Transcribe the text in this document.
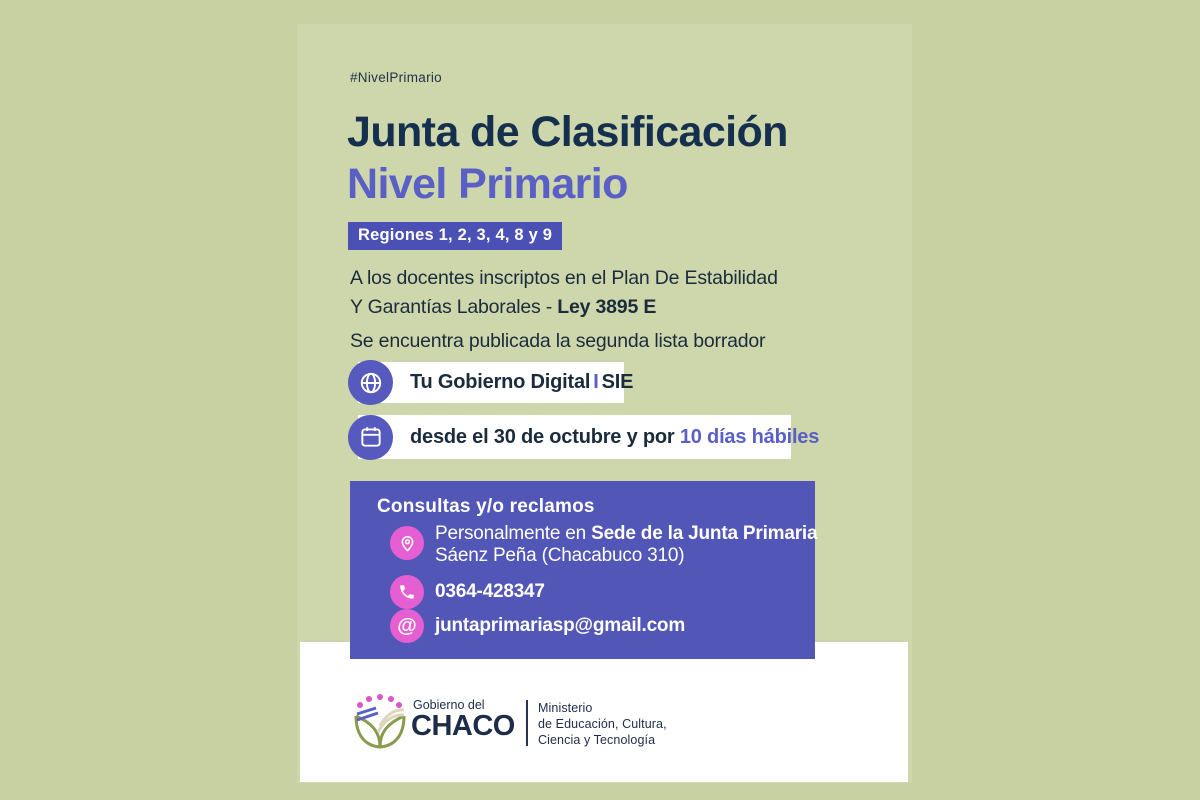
#NivelPrimario
Junta de Clasificación
Nivel Primario
Regiones 1, 2, 3, 4, 8 y 9
A los docentes inscriptos en el Plan De Estabilidad
Y Garantías Laborales - Ley 3895 E
Se encuentra publicada la segunda lista borrador
Tu Gobierno Digital I SIE
desde el 30 de octubre y por 10 días hábiles
Consultas y/o reclamos
Personalmente en Sede de la Junta Primaria
Sáenz Peña (Chacabuco 310)
0364-428347
@ juntaprimariasp@gmail.com
Gobierno del
CHACO
Ministerio
de Educación, Cultura,
Ciencia y Tecnología
